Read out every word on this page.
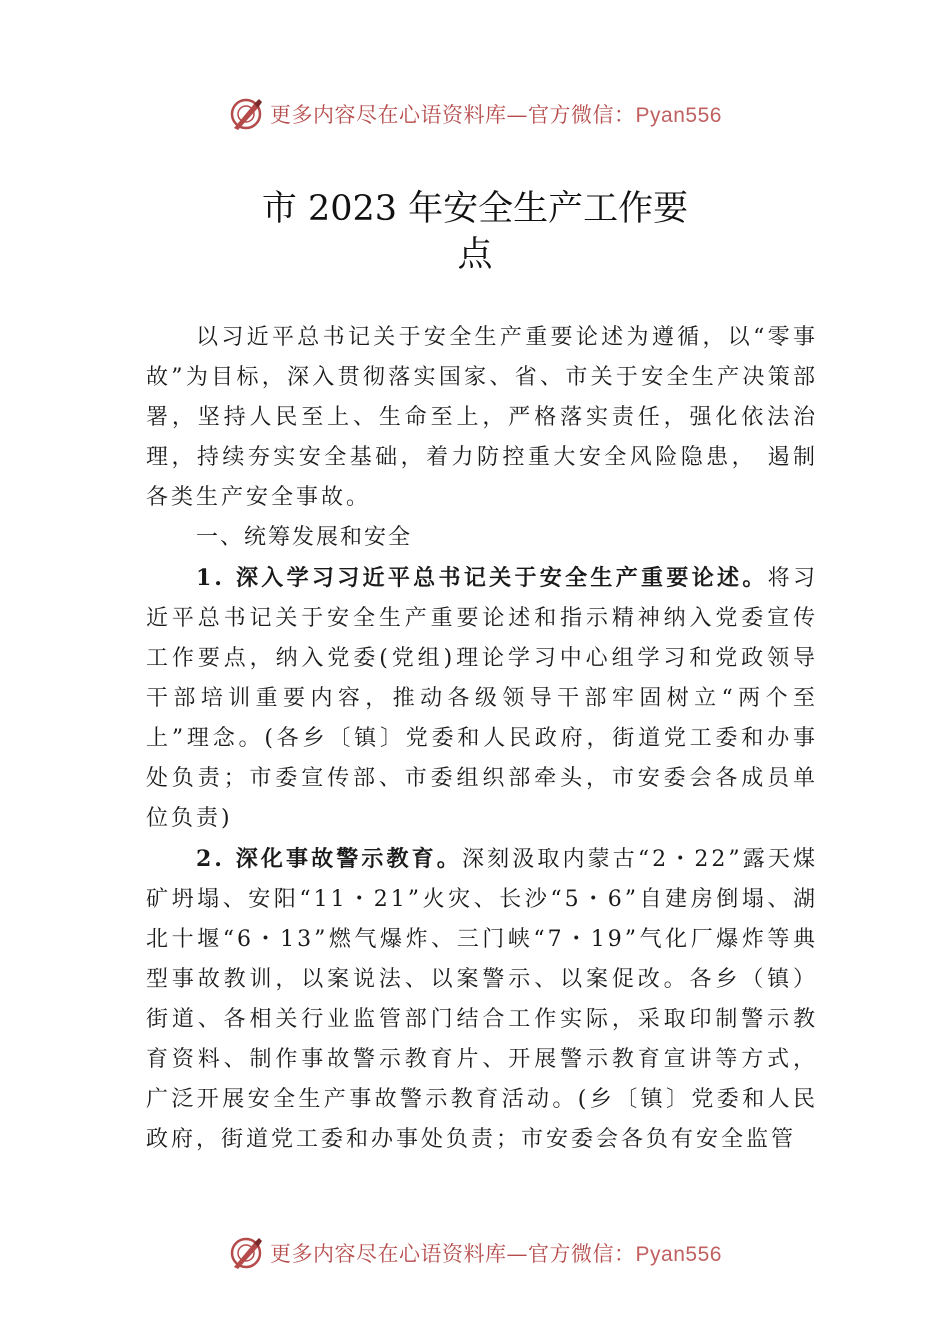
更多内容尽在心语资料库—官方微信：Pyan556
市 2023 年安全生产工作要
点

以习近平总书记关于安全生产重要论述为遵循，以“零事故”为目标，深入贯彻落实国家、省、市关于安全生产决策部署，坚持人民至上、生命至上，严格落实责任，强化依法治理，持续夯实安全基础，着力防控重大安全风险隐患， 遏制各类生产安全事故。

一、统筹发展和安全

1. 深入学习习近平总书记关于安全生产重要论述。将习近平总书记关于安全生产重要论述和指示精神纳入党委宣传工作要点，纳入党委(党组)理论学习中心组学习和党政领导干部培训重要内容，推动各级领导干部牢固树立“两个至上”理念。(各乡〔镇〕党委和人民政府，街道党工委和办事处负责；市委宣传部、市委组织部牵头，市安委会各成员单 位负责)

2. 深化事故警示教育。深刻汲取内蒙古“2・22”露天煤矿坍塌、安阳“11・21”火灾、长沙“5・6”自建房倒塌、湖北十堰“6・13”燃气爆炸、三门峡“7・19”气化厂爆炸等典型事故教训，以案说法、以案警示、以案促改。各乡（镇）街道、各相关行业监管部门结合工作实际，采取印制警示教育资料、制作事故警示教育片、开展警示教育宣讲等方式， 广泛开展安全生产事故警示教育活动。(乡〔镇〕党委和人民政府，街道党工委和办事处负责；市安委会各负有安全监管

更多内容尽在心语资料库—官方微信：Pyan556
